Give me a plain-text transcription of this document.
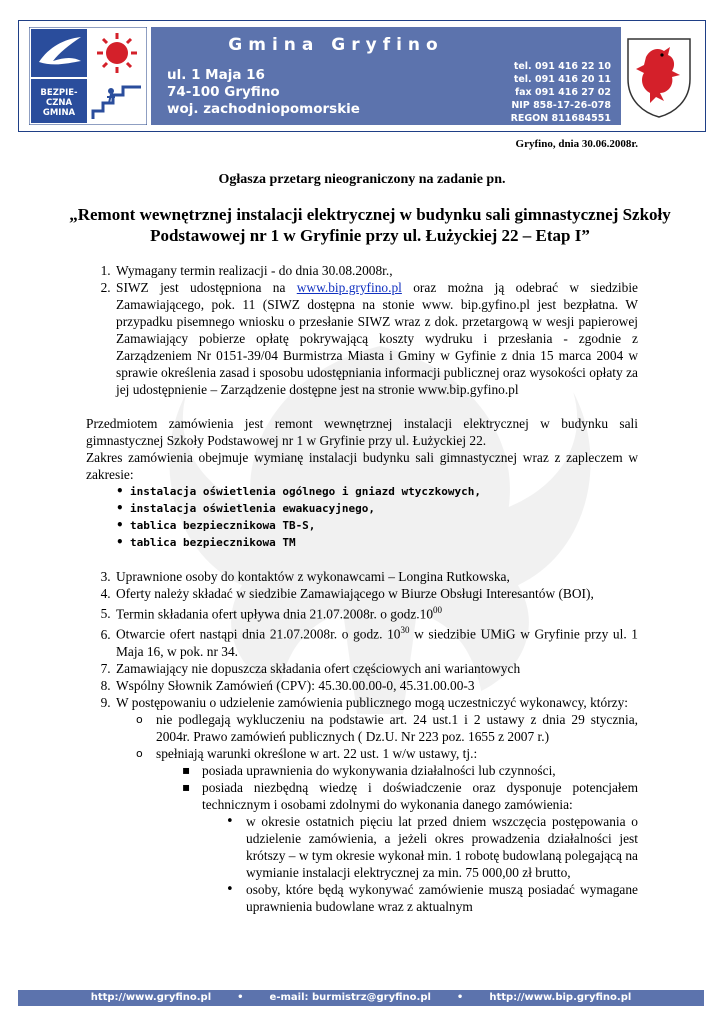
BEZPIE-
CZNA
GMINA
Gmina Gryfino
ul. 1 Maja 16
74-100 Gryfino
woj. zachodniopomorskie
tel. 091 416 22 10
tel. 091 416 20 11
fax 091 416 27 02
NIP 858-17-26-078
REGON 811684551
Gryfino, dnia 30.06.2008r.
Ogłasza przetarg nieograniczony na zadanie pn.
„Remont wewnętrznej instalacji elektrycznej w budynku sali gimnastycznej Szkoły Podstawowej nr 1 w Gryfinie przy ul. Łużyckiej 22 – Etap I”
1. Wymagany termin realizacji - do dnia 30.08.2008r.,
2. SIWZ jest udostępniona na www.bip.gryfino.pl oraz można ją odebrać w siedzibie Zamawiającego, pok. 11 (SIWZ dostępna na stonie www. bip.gyfino.pl jest bezpłatna. W przypadku pisemnego wniosku o przesłanie SIWZ wraz z dok. przetargową w wesji papierowej Zamawiający pobierze opłatę pokrywającą koszty wydruku i przesłania - zgodnie z Zarządzeniem Nr 0151-39/04 Burmistrza Miasta i Gminy w Gyfinie z dnia 15 marca 2004 w sprawie określenia zasad i sposobu udostępniania informacji publicznej oraz wysokości opłaty za jej udostępnienie – Zarządzenie dostępne jest na stronie www.bip.gyfino.pl

Przedmiotem zamówienia jest remont wewnętrznej instalacji elektrycznej w budynku sali gimnastycznej Szkoły Podstawowej nr 1 w Gryfinie przy ul. Łużyckiej 22.

Zakres zamówienia obejmuje wymianę instalacji budynku sali gimnastycznej wraz z zapleczem w zakresie:

• instalacja oświetlenia ogólnego i gniazd wtyczkowych,
• instalacja oświetlenia ewakuacyjnego,
• tablica bezpiecznikowa TB-S,
• tablica bezpiecznikowa TM
3. Uprawnione osoby do kontaktów z wykonawcami – Longina Rutkowska,
4. Oferty należy składać w siedzibie Zamawiającego w Biurze Obsługi Interesantów (BOI),
5. Termin składania ofert upływa dnia 21.07.2008r. o $godz.10^{00}$
6. Otwarcie ofert nastąpi dnia 21.07.2008r. o godz. $10^{30}$ w siedzibie UMiG w Gryfinie przy ul. 1 Maja 16, w pok. nr 34.
7. Zamawiający nie dopuszcza składania ofert częściowych ani wariantowych
8. Wspólny Słownik Zamówień (CPV): 45.30.00.00-0, 45.31.00.00-3
9. W postępowaniu o udzielenie zamówienia publicznego mogą uczestniczyć wykonawcy, którzy:
o nie podlegają wykluczeniu na podstawie art. 24 ust.1 i 2 ustawy z dnia 29 stycznia, 2004r. Prawo zamówień publicznych ( Dz.U. Nr 223 poz. 1655 z 2007 r.)
o spełniają warunki określone w art. 22 ust. 1 w/w ustawy, tj.:
▪ posiada uprawnienia do wykonywania działalności lub czynności,
▪ posiada niezbędną wiedzę i doświadczenie oraz dysponuje potencjałem technicznym i osobami zdolnymi do wykonania danego zamówienia:
• w okresie ostatnich pięciu lat przed dniem wszczęcia postępowania o udzielenie zamówienia, a jeżeli okres prowadzenia działalności jest krótszy – w tym okresie wykonał min. 1 robotę budowlaną polegającą na wymianie instalacji elektrycznej za min. 75 000,00 zł brutto,
• osoby, które będą wykonywać zamówienie muszą posiadać wymagane uprawnienia budowlane wraz z aktualnym
http://www.gryfino.pl	•	e-mail: burmistrz@gryfino.pl	•	http://www.bip.gryfino.pl
